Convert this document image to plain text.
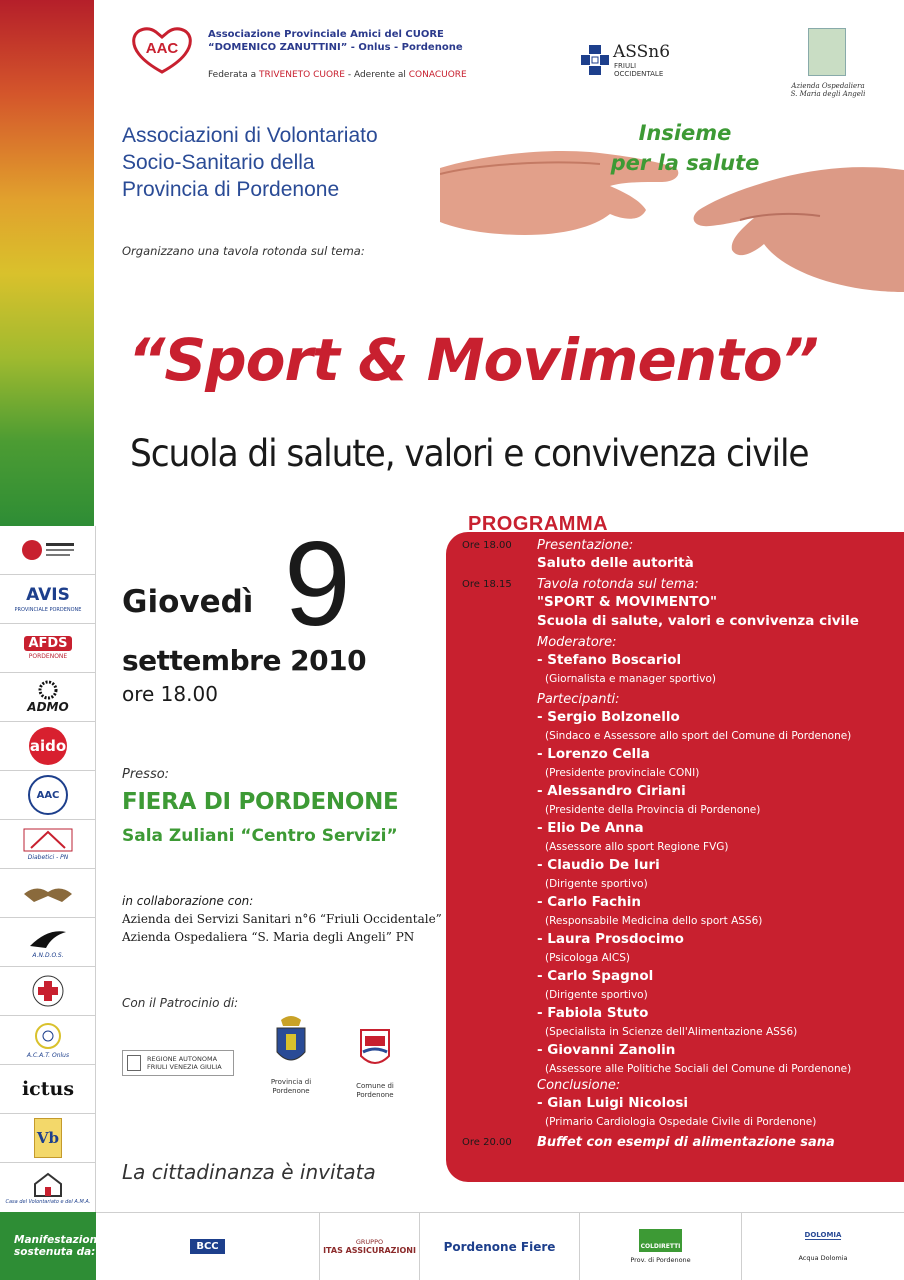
AVIS
PROVINCIALE PORDENONE
AFDS
PORDENONE
ADMO
aido
AAC
Diabetici - PN
A.N.D.O.S.
A.C.A.T. Onlus
ictus
Vb
Casa del Volontariato e del A.M.A.
AAC
Associazione Provinciale Amici del CUORE
“DOMENICO ZANUTTINI” - Onlus - Pordenone
Federata a TRIVENETO CUORE - Aderente al CONACUORE
ASSn6
FRIULI
OCCIDENTALE
Azienda Ospedaliera
S. Maria degli Angeli
Associazioni di Volontariato
Socio-Sanitario della
Provincia di Pordenone
Insieme
per la salute
Organizzano una tavola rotonda sul tema:
“Sport & Movimento”
Scuola di salute, valori e convivenza civile
Giovedì 9
settembre 2010
ore 18.00
Presso:
FIERA DI PORDENONE
Sala Zuliani “Centro Servizi”
in collaborazione con:
Azienda dei Servizi Sanitari n°6 “Friuli Occidentale”
Azienda Ospedaliera “S. Maria degli Angeli” PN
Con il Patrocinio di:
REGIONE AUTONOMA
FRIULI VENEZIA GIULIA
Provincia di
Pordenone
Comune di
Pordenone
La cittadinanza è invitata
PROGRAMMA
Ore 18.00 Presentazione:
Saluto delle autorità
Ore 18.15 Tavola rotonda sul tema:
"SPORT & MOVIMENTO"
Scuola di salute, valori e convivenza civile
Moderatore:
- Stefano Boscariol
(Giornalista e manager sportivo)
Partecipanti:
- Sergio Bolzonello
(Sindaco e Assessore allo sport del Comune di Pordenone)
- Lorenzo Cella
(Presidente provinciale CONI)
- Alessandro Ciriani
(Presidente della Provincia di Pordenone)
- Elio De Anna
(Assessore allo sport Regione FVG)
- Claudio De Iuri
(Dirigente sportivo)
- Carlo Fachin
(Responsabile Medicina dello sport ASS6)
- Laura Prosdocimo
(Psicologa AICS)
- Carlo Spagnol
(Dirigente sportivo)
- Fabiola Stuto
(Specialista in Scienze dell'Alimentazione ASS6)
- Giovanni Zanolin
(Assessore alle Politiche Sociali del Comune di Pordenone)
Conclusione:
- Gian Luigi Nicolosi
(Primario Cardiologia Ospedale Civile di Pordenone)
Ore 20.00 Buffet con esempi di alimentazione sana
Manifestazione
sostenuta da:	BCC	GRUPPO
ITAS ASSICURAZIONI Pordenone Fiere	COLDIRETTI
Prov. di Pordenone
DOLOMIA
Acqua Dolomia
